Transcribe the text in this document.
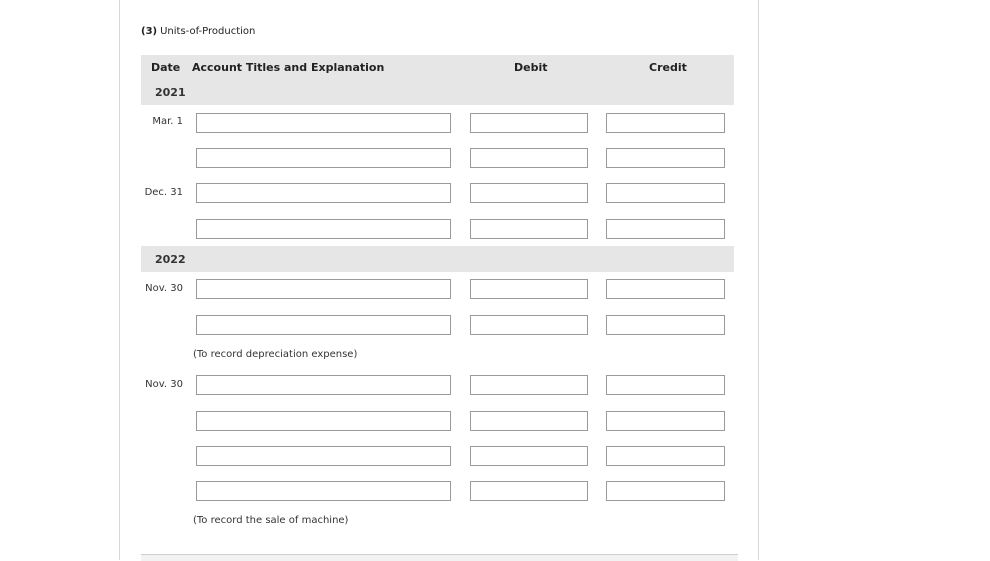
(3) Units-of-Production
Date Account Titles and Explanation	Debit	Credit
2021
Mar. 1
Dec. 31
2022
Nov. 30
(To record depreciation expense)
Nov. 30
(To record the sale of machine)
